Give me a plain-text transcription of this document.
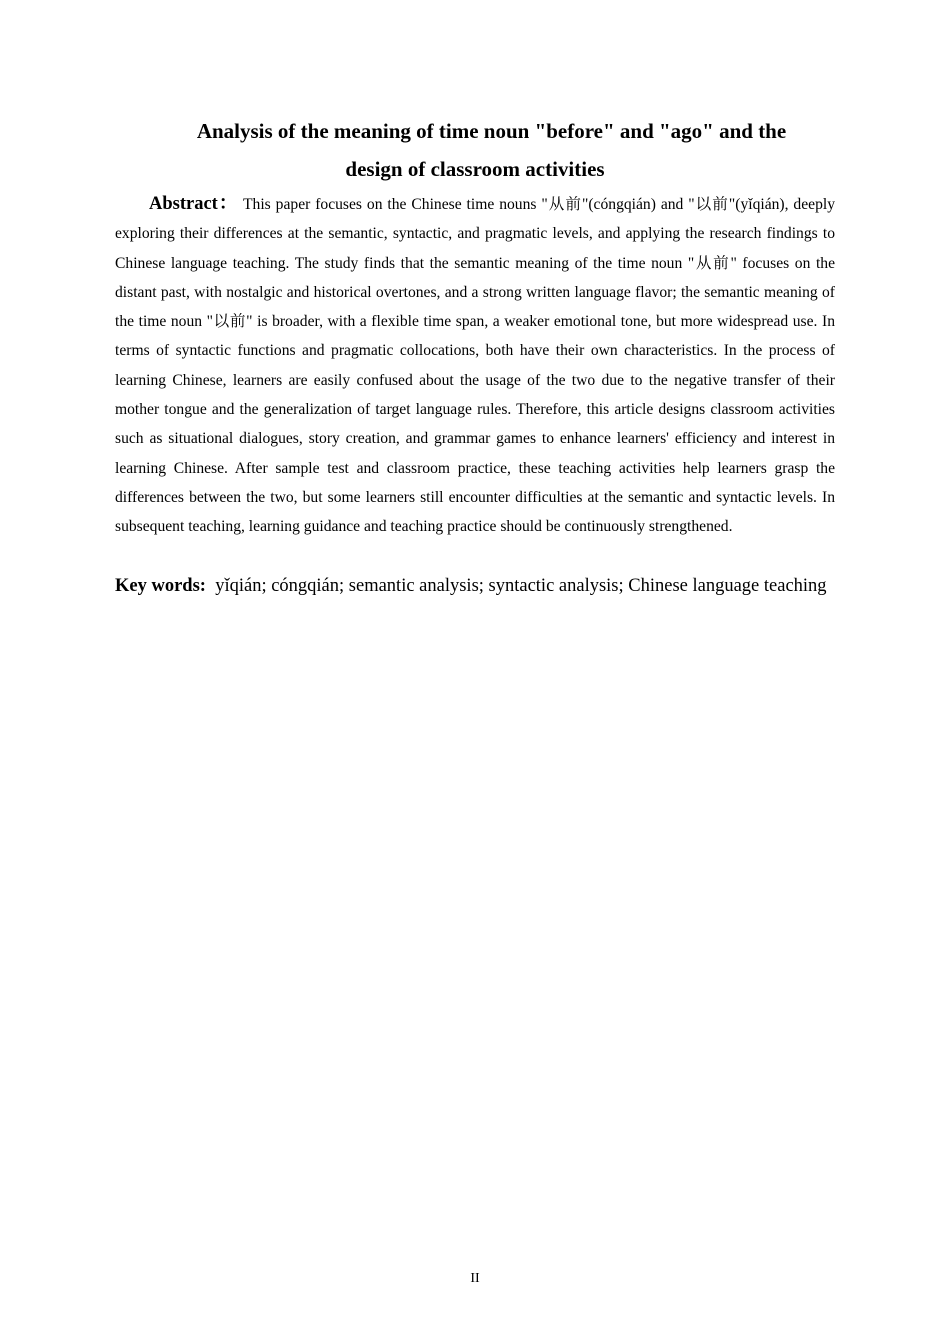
Analysis of the meaning of time noun "before" and "ago" and the
design of classroom activities

Abstract： This paper focuses on the Chinese time nouns "从前"(cóngqián) and "以前"(yǐqián), deeply exploring their differences at the semantic, syntactic, and pragmatic levels, and applying the research findings to Chinese language teaching. The study finds that the semantic meaning of the time noun "从前" focuses on the distant past, with nostalgic and historical overtones, and a strong written language flavor; the semantic meaning of the time noun "以前" is broader, with a flexible time span, a weaker emotional tone, but more widespread use. In terms of syntactic functions and pragmatic collocations, both have their own characteristics. In the process of learning Chinese, learners are easily confused about the usage of the two due to the negative transfer of their mother tongue and the generalization of target language rules. Therefore, this article designs classroom activities such as situational dialogues, story creation, and grammar games to enhance learners' efficiency and interest in learning Chinese. After sample test and classroom practice, these teaching activities help learners grasp the differences between the two, but some learners still encounter difficulties at the semantic and syntactic levels. In subsequent teaching, learning guidance and teaching practice should be continuously strengthened.

Key words: yǐqián; cóngqián; semantic analysis; syntactic analysis; Chinese language teaching

II
